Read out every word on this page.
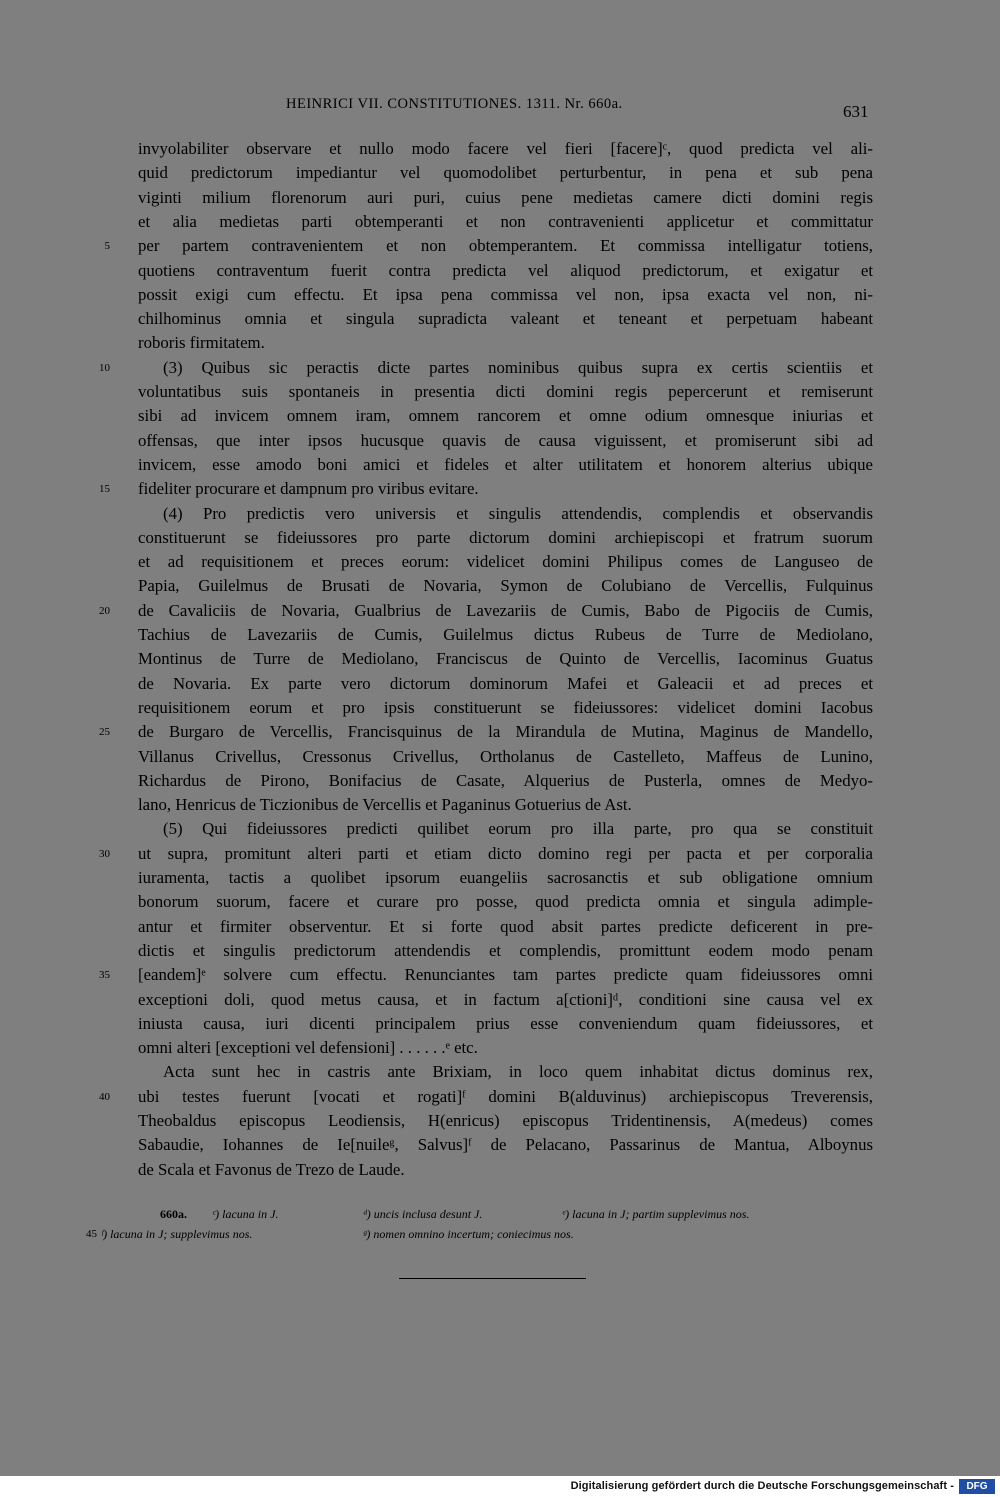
HEINRICI VII. CONSTITUTIONES. 1311. Nr. 660a.	631
invyolabiliter observare et nullo modo facere vel fieri [facere]ᶜ, quod predicta vel ali-
quid predictorum impediantur vel quomodolibet perturbentur, in pena et sub pena
viginti milium florenorum auri puri, cuius pene medietas camere dicti domini regis
et alia medietas parti obtemperanti et non contravenienti applicetur et committatur
per partem contravenientem et non obtemperantem. Et commissa intelligatur totiens,
5
quotiens contraventum fuerit contra predicta vel aliquod predictorum, et exigatur et
possit exigi cum effectu. Et ipsa pena commissa vel non, ipsa exacta vel non, ni-
chilhominus omnia et singula supradicta valeant et teneant et perpetuam habeant
roboris firmitatem.
(3) Quibus sic peractis dicte partes nominibus quibus supra ex certis scientiis et
10
voluntatibus suis spontaneis in presentia dicti domini regis pepercerunt et remiserunt
sibi ad invicem omnem iram, omnem rancorem et omne odium omnesque iniurias et
offensas, que inter ipsos hucusque quavis de causa viguissent, et promiserunt sibi ad
invicem, esse amodo boni amici et fideles et alter utilitatem et honorem alterius ubique
fideliter procurare et dampnum pro viribus evitare.
15
(4) Pro predictis vero universis et singulis attendendis, complendis et observandis
constituerunt se fideiussores pro parte dictorum domini archiepiscopi et fratrum suorum
et ad requisitionem et preces eorum: videlicet domini Philipus comes de Languseo de
Papia, Guilelmus de Brusati de Novaria, Symon de Colubiano de Vercellis, Fulquinus
de Cavaliciis de Novaria, Gualbrius de Lavezariis de Cumis, Babo de Pigociis de Cumis,
20
Tachius de Lavezariis de Cumis, Guilelmus dictus Rubeus de Turre de Mediolano,
Montinus de Turre de Mediolano, Franciscus de Quinto de Vercellis, Iacominus Guatus
de Novaria. Ex parte vero dictorum dominorum Mafei et Galeacii et ad preces et
requisitionem eorum et pro ipsis constituerunt se fideiussores: videlicet domini Iacobus
de Burgaro de Vercellis, Francisquinus de la Mirandula de Mutina, Maginus de Mandello,
25
Villanus Crivellus, Cressonus Crivellus, Ortholanus de Castelleto, Maffeus de Lunino,
Richardus de Pirono, Bonifacius de Casate, Alquerius de Pusterla, omnes de Medyo-
lano, Henricus de Ticzionibus de Vercellis et Paganinus Gotuerius de Ast.
(5) Qui fideiussores predicti quilibet eorum pro illa parte, pro qua se constituit
ut supra, promitunt alteri parti et etiam dicto domino regi per pacta et per corporalia
30
iuramenta, tactis a quolibet ipsorum euangeliis sacrosanctis et sub obligatione omnium
bonorum suorum, facere et curare pro posse, quod predicta omnia et singula adimple-
antur et firmiter observentur. Et si forte quod absit partes predicte deficerent in pre-
dictis et singulis predictorum attendendis et complendis, promittunt eodem modo penam
[eandem]ᵉ solvere cum effectu. Renunciantes tam partes predicte quam fideiussores omni
35
exceptioni doli, quod metus causa, et in factum a[ctioni]ᵈ, conditioni sine causa vel ex
iniusta causa, iuri dicenti principalem prius esse conveniendum quam fideiussores, et
omni alteri [exceptioni vel defensioni] . . . . . .ᵉ etc.
Acta sunt hec in castris ante Brixiam, in loco quem inhabitat dictus dominus rex,
ubi testes fuerunt [vocati et rogati]ᶠ domini B(alduvinus) archiepiscopus Treverensis,
40
Theobaldus episcopus Leodiensis, H(enricus) episcopus Tridentinensis, A(medeus) comes
Sabaudie, Iohannes de Ie[nuileᵍ, Salvus]ᶠ de Pelacano, Passarinus de Mantua, Alboynus
de Scala et Favonus de Trezo de Laude.
660a. ᶜ) lacuna in J.	ᵈ) uncis inclusa desunt J.	ᵉ) lacuna in J; partim supplevimus nos.
45 ᶠ) lacuna in J; supplevimus nos.	ᵍ) nomen omnino incertum; coniecimus nos.
Digitalisierung gefördert durch die Deutsche Forschungsgemeinschaft -	DFG
